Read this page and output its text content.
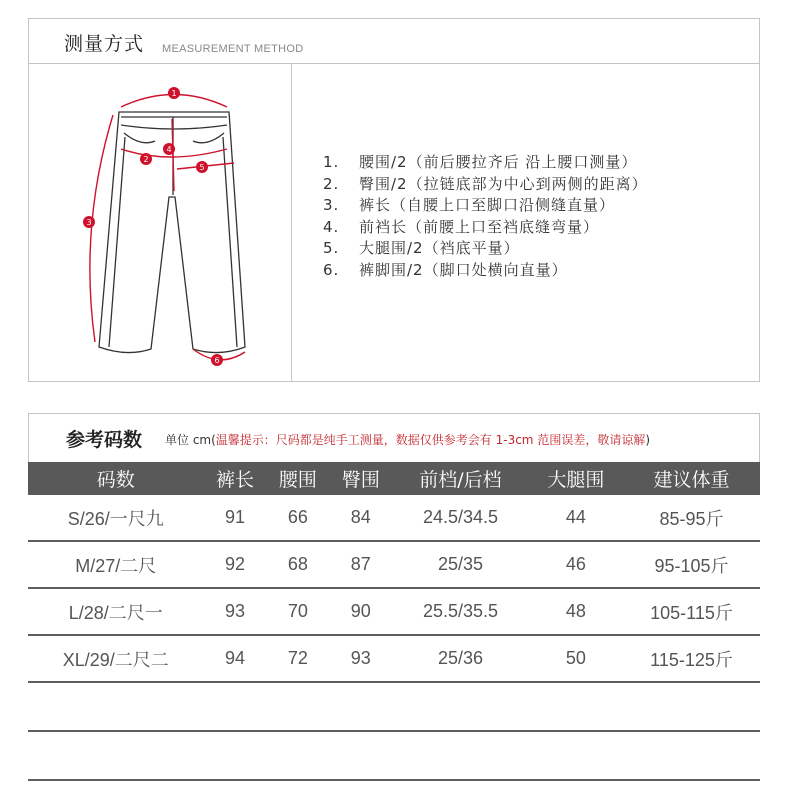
测量方式 MEASUREMENT METHOD
1
2
3
4
5
6
1. 腰围/2（前后腰拉齐后 沿上腰口测量）
2. 臀围/2（拉链底部为中心到两侧的距离）
3. 裤长（自腰上口至脚口沿侧缝直量）
4. 前裆长（前腰上口至裆底缝弯量）
5. 大腿围/2（裆底平量）
6. 裤脚围/2（脚口处横向直量）
参考码数 单位 cm(温馨提示：尺码都是纯手工测量，数据仅供参考会有 1-3cm 范围误差，敬请谅解)
码数	裤长	腰围	臀围	前档/后档	大腿围	建议体重
S/26/一尺九	91	66	84	24.5/34.5	44	85-95斤
M/27/二尺	92	68	87	25/35	46	95-105斤
L/28/二尺一	93	70	90	25.5/35.5	48	105-115斤
XL/29/二尺二	94	72	93	25/36	50	115-125斤
